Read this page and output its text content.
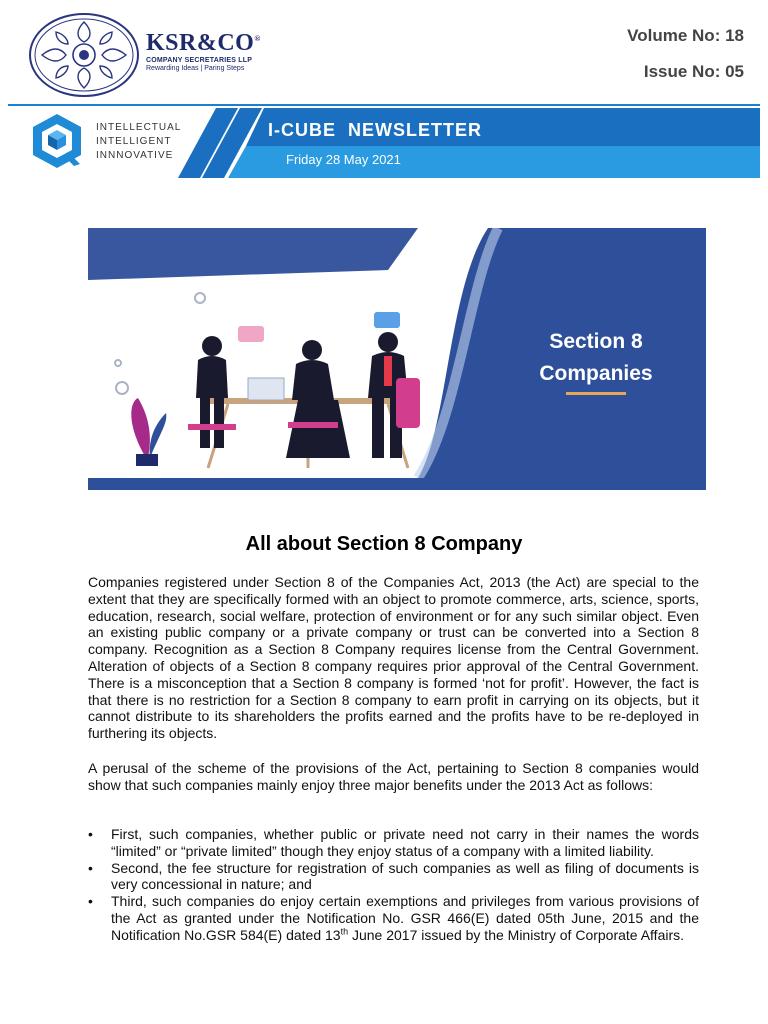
KSR&CO®
COMPANY SECRETARIES LLP
Rewarding Ideas | Paring Steps
Volume No: 18
Issue No: 05
INTELLECTUAL
INTELLIGENT
INNNOVATIVE
I-CUBE  NEWSLETTER
Friday 28 May 2021
Section 8
Companies
All about Section 8 Company
Companies registered under Section 8 of the Companies Act, 2013 (the Act) are special to the extent that they are specifically formed with an object to promote commerce, arts, science, sports, education, research, social welfare, protection of environment or for any such similar object. Even an existing public company or a private company or trust can be converted into a Section 8 company. Recognition as a Section 8 Company requires license from the Central Government. Alteration of objects of a Section 8 company requires prior approval of the Central Government. There is a misconception that a Section 8 company is formed ‘not for profit’. However, the fact is that there is no restriction for a Section 8 company to earn profit in carrying on its objects, but it cannot distribute to its shareholders the profits earned and the profits have to be re-deployed in furthering its objects.
A perusal of the scheme of the provisions of the Act, pertaining to Section 8 companies would show that such companies mainly enjoy three major benefits under the 2013 Act as follows:
• First, such companies, whether public or private need not carry in their names the words “limited” or “private limited” though they enjoy status of a company with a limited liability.
• Second, the fee structure for registration of such companies as well as filing of documents is very concessional in nature; and
• Third, such companies do enjoy certain exemptions and privileges from various provisions of the Act as granted under the Notification No. GSR 466(E) dated 05th June, 2015 and the Notification No.GSR 584(E) dated 13th June 2017 issued by the Ministry of Corporate Affairs.
